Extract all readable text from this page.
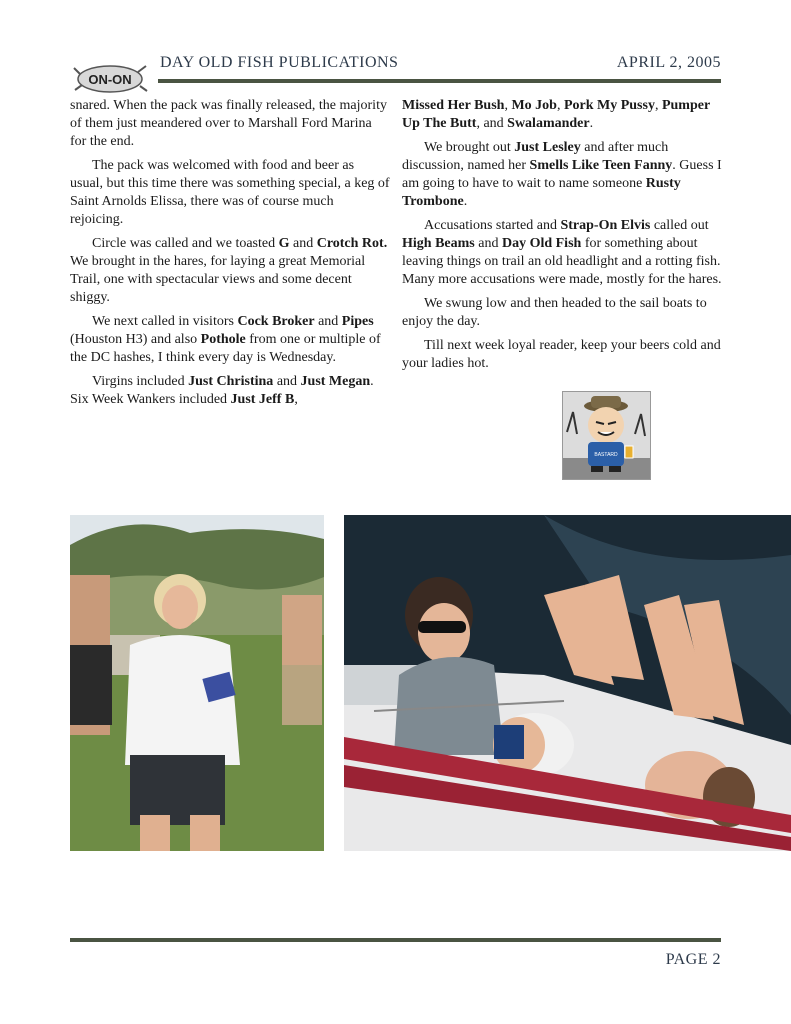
ON-ON
DAY OLD FISH PUBLICATIONS	APRIL 2, 2005

snared. When the pack was finally released, the majority of them just meandered over to Marshall Ford Marina for the end.

The pack was welcomed with food and beer as usual, but this time there was something special, a keg of Saint Arnolds Elissa, there was of course much rejoicing.

Circle was called and we toasted G and Crotch Rot. We brought in the hares, for laying a great Memorial Trail, one with spectacular views and some decent shiggy.

We next called in visitors Cock Broker and Pipes (Houston H3) and also Pothole from one or multiple of the DC hashes, I think every day is Wednesday.

Virgins included Just Christina and Just Megan. Six Week Wankers included Just Jeff B,

Missed Her Bush, Mo Job, Pork My Pussy, Pumper Up The Butt, and Swalamander.

We brought out Just Lesley and after much discussion, named her Smells Like Teen Fanny. Guess I am going to have to wait to name someone Rusty Trombone.

Accusations started and Strap-On Elvis called out High Beams and Day Old Fish for something about leaving things on trail an old headlight and a rotting fish. Many more accusations were made, mostly for the hares.

We swung low and then headed to the sail boats to enjoy the day.

Till next week loyal reader, keep your beers cold and your ladies hot.

BASTARD
PAGE 2
